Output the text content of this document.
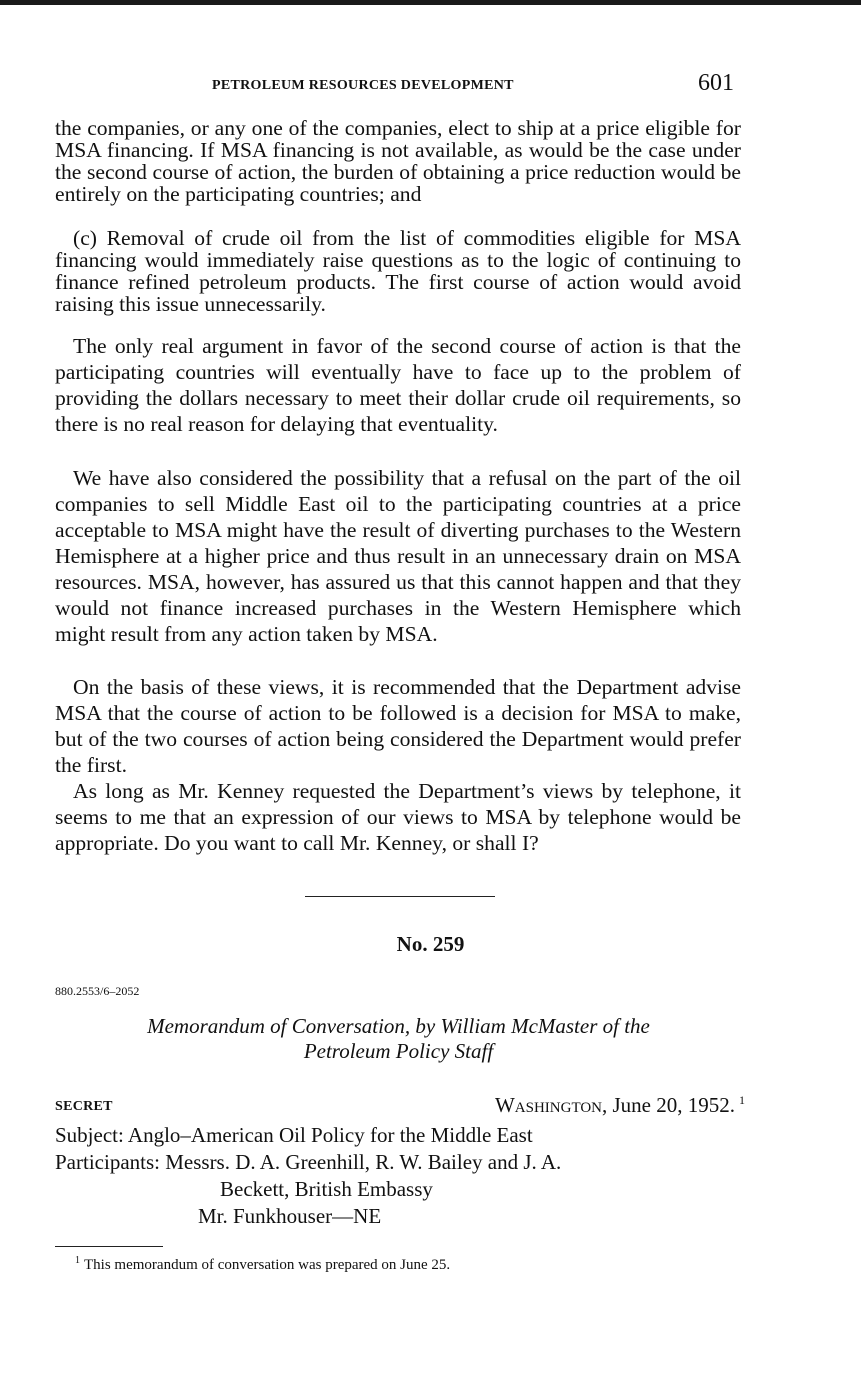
PETROLEUM RESOURCES DEVELOPMENT	601

the companies, or any one of the companies, elect to ship at a price eligible for MSA financing. If MSA financing is not available, as would be the case under the second course of action, the burden of obtaining a price reduction would be entirely on the participating countries; and

(c) Removal of crude oil from the list of commodities eligible for MSA financing would immediately raise questions as to the logic of continuing to finance refined petroleum products. The first course of action would avoid raising this issue unnecessarily.

The only real argument in favor of the second course of action is that the participating countries will eventually have to face up to the problem of providing the dollars necessary to meet their dollar crude oil requirements, so there is no real reason for delaying that eventuality.

We have also considered the possibility that a refusal on the part of the oil companies to sell Middle East oil to the participating countries at a price acceptable to MSA might have the result of diverting purchases to the Western Hemisphere at a higher price and thus result in an unnecessary drain on MSA resources. MSA, however, has assured us that this cannot happen and that they would not finance increased purchases in the Western Hemisphere which might result from any action taken by MSA.

On the basis of these views, it is recommended that the Department advise MSA that the course of action to be followed is a decision for MSA to make, but of the two courses of action being considered the Department would prefer the first.

As long as Mr. Kenney requested the Department’s views by telephone, it seems to me that an expression of our views to MSA by telephone would be appropriate. Do you want to call Mr. Kenney, or shall I?

No. 259
880.2553/6–2052
Memorandum of Conversation, by William McMaster of the
Petroleum Policy Staff
SECRET	Washington, June 20, 1952. $^1$
Subject: Anglo–American Oil Policy for the Middle East
Participants: Messrs. D. A. Greenhill, R. W. Bailey and J. A.
Beckett, British Embassy
Mr. Funkhouser—NE
$^1$ This memorandum of conversation was prepared on June 25.
